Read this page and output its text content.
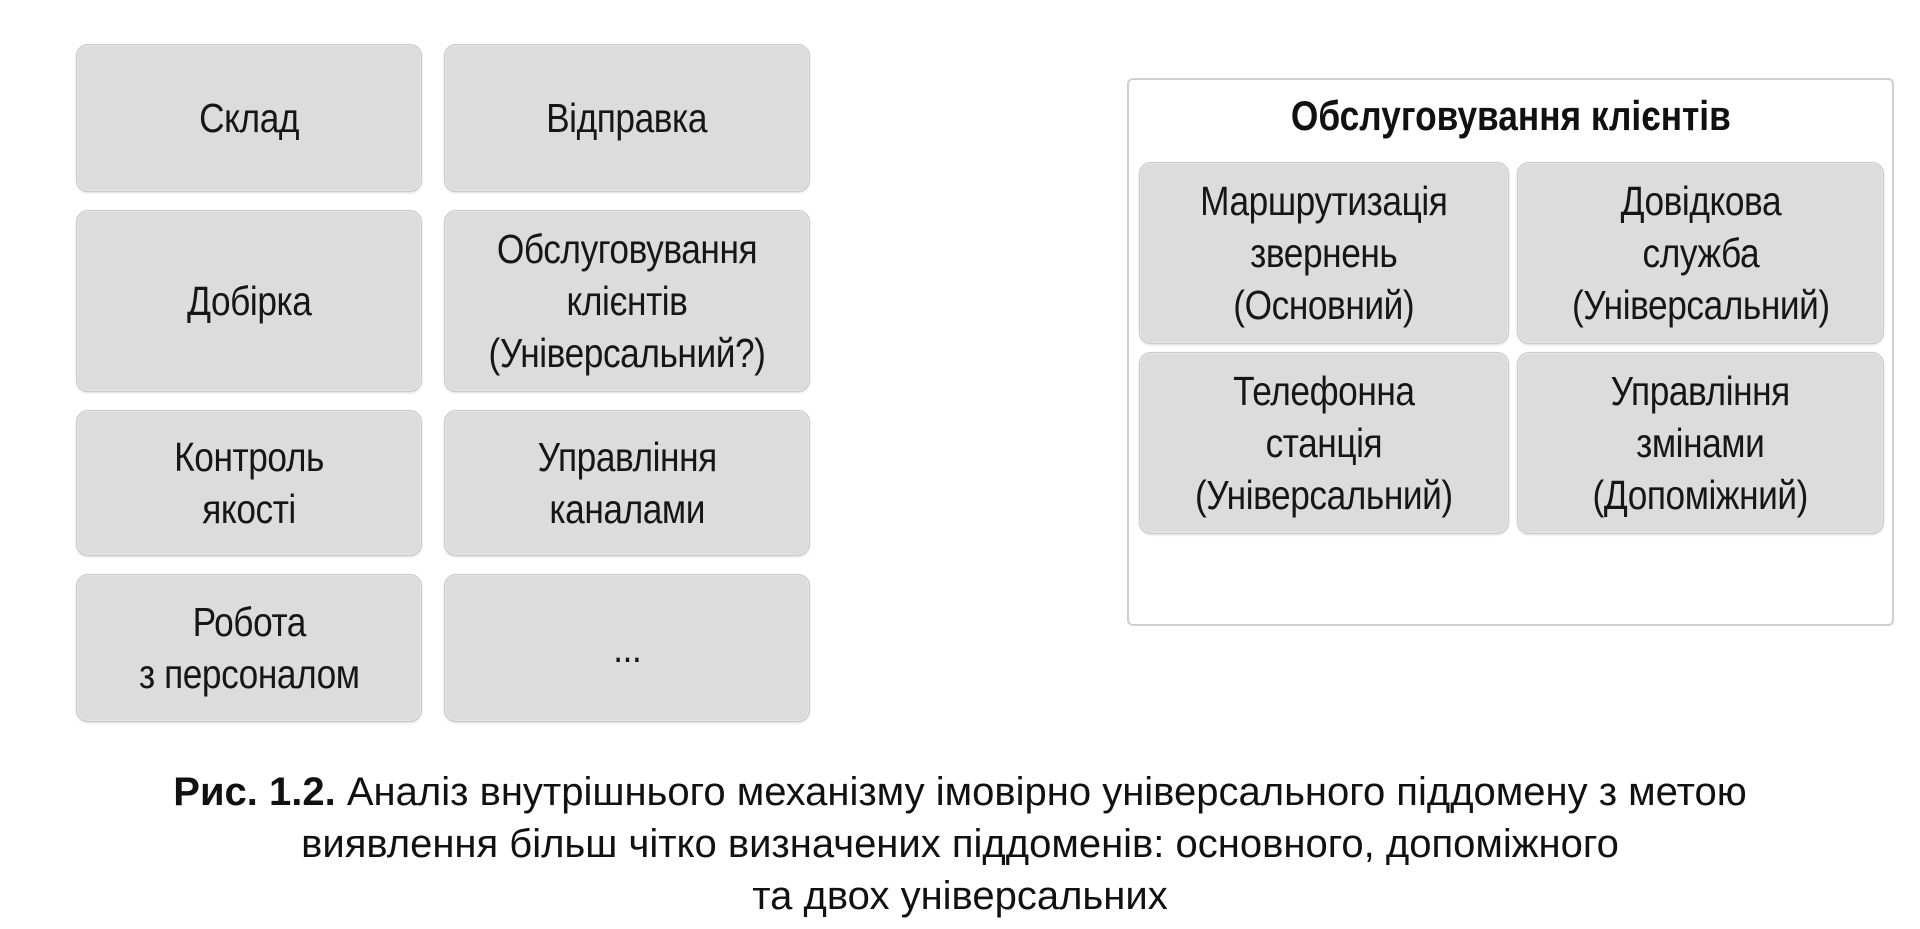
Склад	Відправка
Добірка
Обслуговування
клієнтів
(Універсальний?)
Контроль
якості
Управління
каналами
Робота
з персоналом
...
Обслуговування клієнтів
Маршрутизація
звернень
(Основний)
Довідкова
служба
(Універсальний)
Телефонна
станція
(Універсальний)
Управління
змінами
(Допоміжний)
Рис. 1.2. Аналіз внутрішнього механізму імовірно універсального піддомену з метою
виявлення більш чітко визначених піддоменів: основного, допоміжного
та двох універсальних
